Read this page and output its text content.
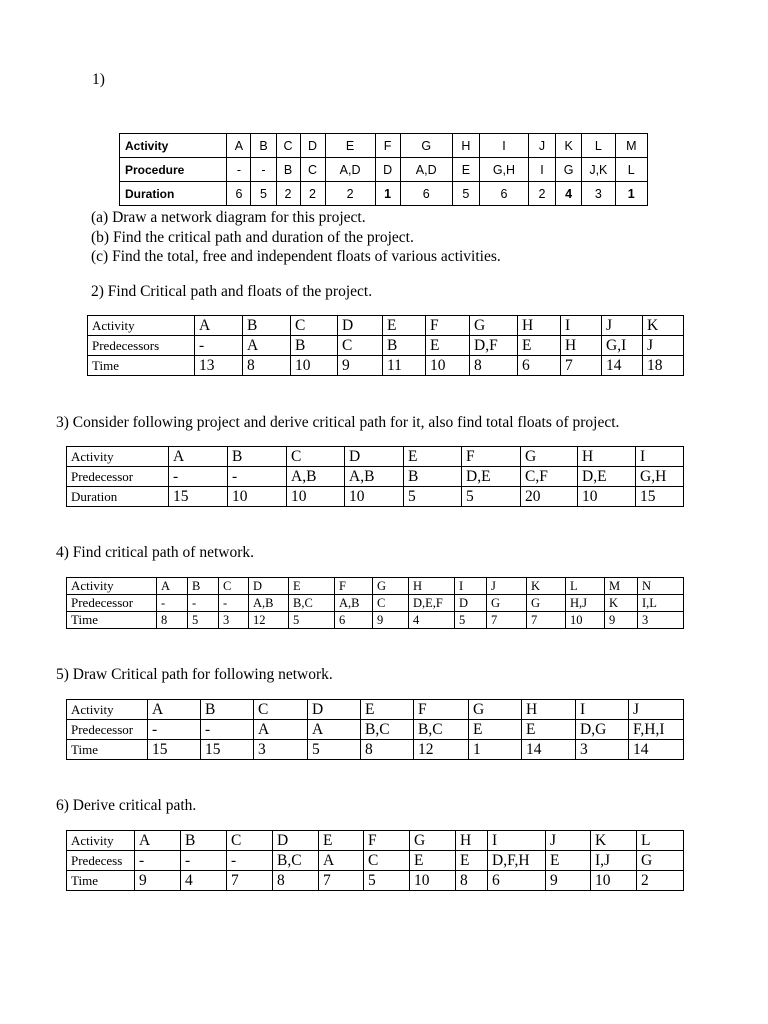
1)
Activity	A	B	C	D	E	F	G	H	I	J	K	L	M
Procedure	-	-	B	C	A,D	D	A,D	E	G,H	I	G	J,K	L
Duration	6	5	2	2	2	1	6	5	6	2	4	3	1
(a) Draw a network diagram for this project.
(b) Find the critical path and duration of the project.
(c) Find the total, free and independent floats of various activities.
2) Find Critical path and floats of the project.
Activity	A	B	C	D	E	F	G	H	I	J	K
Predecessors	-	A	B	C	B	E	D,F	E	H	G,I	J
Time	13	8	10	9	11	10	8	6	7	14	18
3) Consider following project and derive critical path for it, also find total floats of project.
Activity	A	B	C	D	E	F	G	H	I
Predecessor	-	-	A,B	A,B	B	D,E	C,F	D,E	G,H
Duration	15	10	10	10	5	5	20	10	15
4) Find critical path of network.
Activity	A	B	C	D	E	F	G	H	I	J	K	L	M	N
Predecessor	-	-	-	A,B	B,C	A,B	C	D,E,F	D	G	G	H,J	K	I,L
Time	8	5	3	12	5	6	9	4	5	7	7	10	9	3
5) Draw Critical path for following network.
Activity	A	B	C	D	E	F	G	H	I	J
Predecessor	-	-	A	A	B,C	B,C	E	E	D,G	F,H,I
Time	15	15	3	5	8	12	1	14	3	14
6) Derive critical path.
Activity	A	B	C	D	E	F	G	H	I	J	K	L
Predecess	-	-	-	B,C	A	C	E	E	D,F,H	E	I,J	G
Time	9	4	7	8	7	5	10	8	6	9	10	2
